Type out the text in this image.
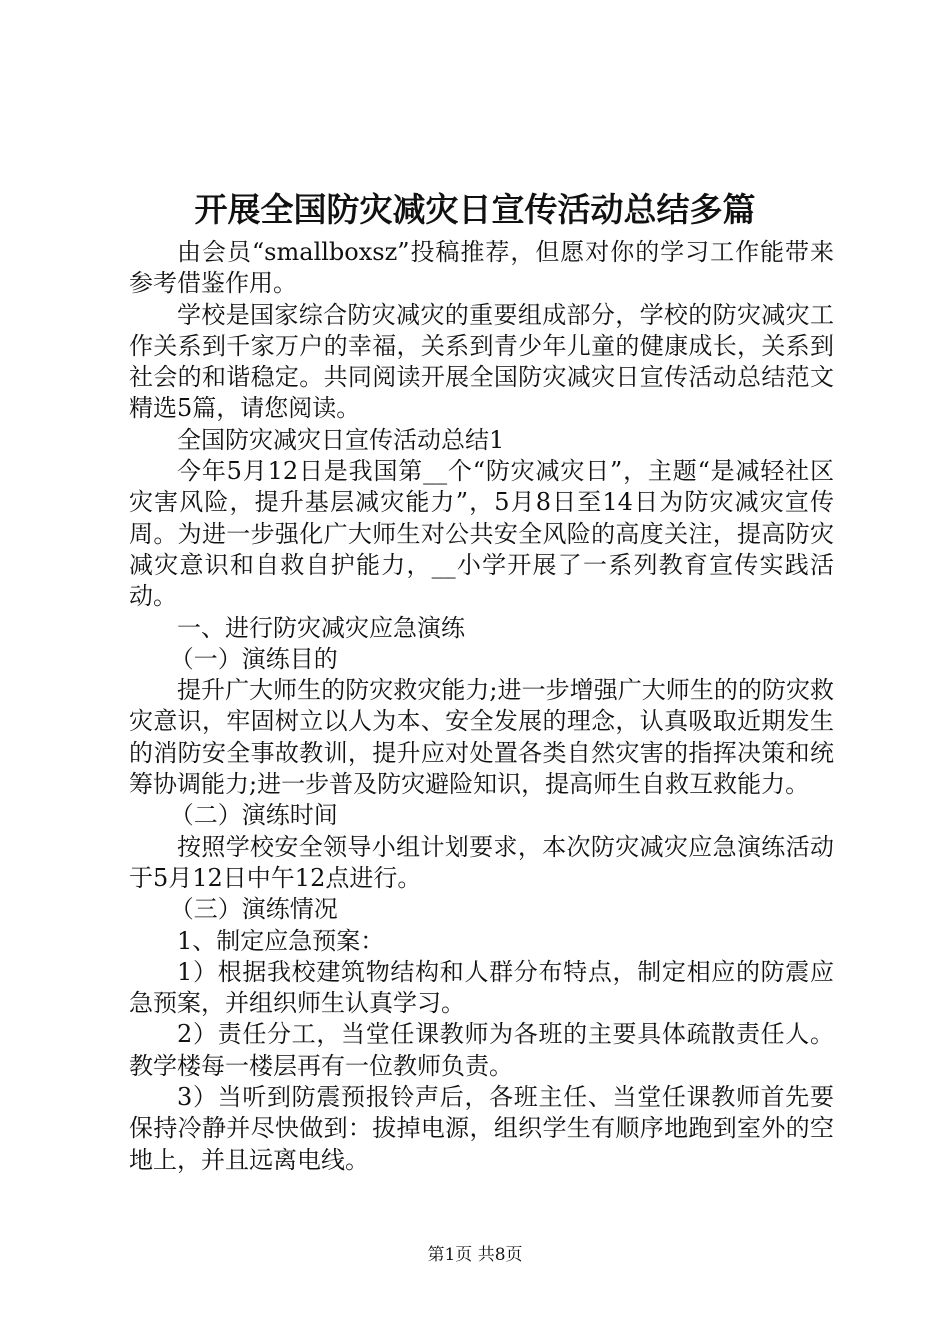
开展全国防灾减灾日宣传活动总结多篇

由会员“smallboxsz”投稿推荐，但愿对你的学习工作能带来参考借鉴作用。

学校是国家综合防灾减灾的重要组成部分，学校的防灾减灾工作关系到千家万户的幸福，关系到青少年儿童的健康成长，关系到社会的和谐稳定。共同阅读开展全国防灾减灾日宣传活动总结范文精选5篇，请您阅读。

全国防灾减灾日宣传活动总结1

今年5月12日是我国第__个“防灾减灾日”，主题“是减轻社区灾害风险，提升基层减灾能力”，5月8日至14日为防灾减灾宣传周。为进一步强化广大师生对公共安全风险的高度关注，提高防灾减灾意识和自救自护能力，__小学开展了一系列教育宣传实践活动。

一、进行防灾减灾应急演练

（一）演练目的

提升广大师生的防灾救灾能力;进一步增强广大师生的的防灾救灾意识，牢固树立以人为本、安全发展的理念，认真吸取近期发生的消防安全事故教训，提升应对处置各类自然灾害的指挥决策和统筹协调能力;进一步普及防灾避险知识，提高师生自救互救能力。

（二）演练时间

按照学校安全领导小组计划要求，本次防灾减灾应急演练活动于5月12日中午12点进行。

（三）演练情况

1、制定应急预案：

1）根据我校建筑物结构和人群分布特点，制定相应的防震应急预案，并组织师生认真学习。

2）责任分工，当堂任课教师为各班的主要具体疏散责任人。教学楼每一楼层再有一位教师负责。

3）当听到防震预报铃声后，各班主任、当堂任课教师首先要保持冷静并尽快做到：拔掉电源，组织学生有顺序地跑到室外的空地上，并且远离电线。

第1页 共8页
